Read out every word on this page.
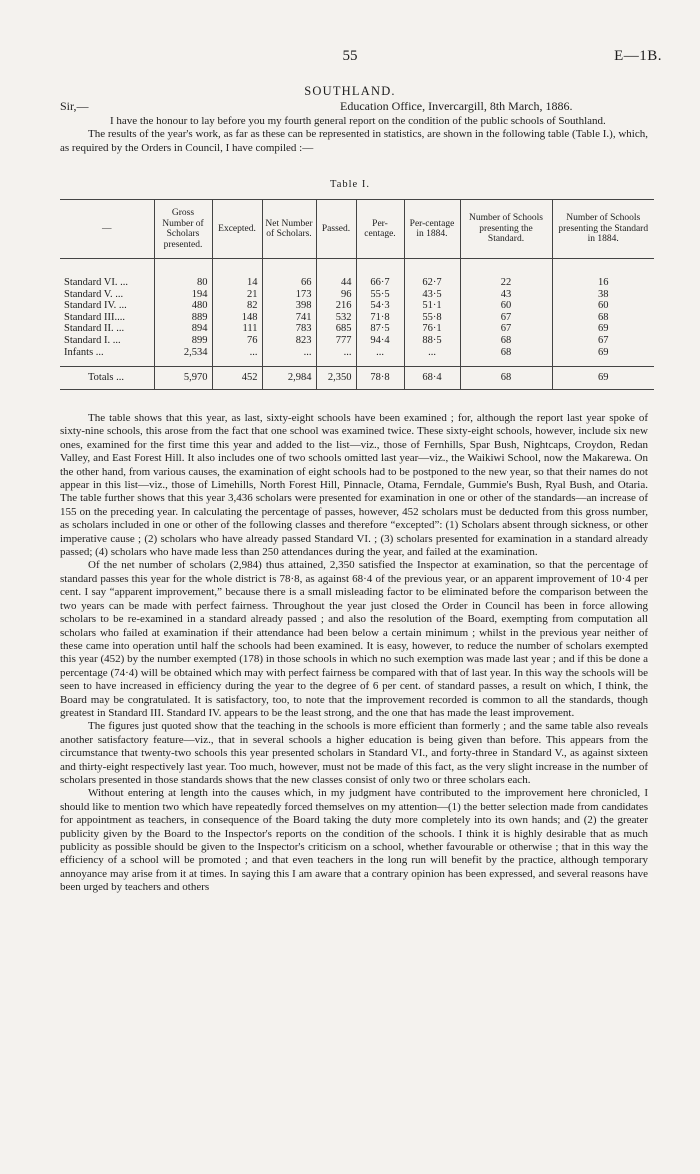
55	E—1B.
SOUTHLAND.
Sir,—	Education Office, Invercargill, 8th March, 1886.

I have the honour to lay before you my fourth general report on the condition of the public schools of Southland.

The results of the year's work, as far as these can be represented in statistics, are shown in the following table (Table I.), which, as required by the Orders in Council, I have compiled :—

Table I.
—	Gross Number of Scholars presented.	Excepted.	Net Number of Scholars.	Passed.	Per-centage.	Per-centage in 1884.	Number of Schools presenting the Standard.	Number of Schools presenting the Standard in 1884.

Standard VI. ...	80	14	66	44	66·7	62·7	22	16
Standard V. ...	194	21	173	96	55·5	43·5	43	38
Standard IV. ...	480	82	398	216	54·3	51·1	60	60
Standard III....	889	148	741	532	71·8	55·8	67	68
Standard II. ...	894	111	783	685	87·5	76·1	67	69
Standard I. ...	899	76	823	777	94·4	88·5	68	67
Infants ...	2,534	...	...	...	...	...	68	69

Totals ...	5,970	452	2,984	2,350	78·8	68·4	68	69

The table shows that this year, as last, sixty-eight schools have been examined ; for, although the report last year spoke of sixty-nine schools, this arose from the fact that one school was examined twice. These sixty-eight schools, however, include six new ones, examined for the first time this year and added to the list—viz., those of Fernhills, Spar Bush, Nightcaps, Croydon, Redan Valley, and East Forest Hill. It also includes one of two schools omitted last year—viz., the Waikiwi School, now the Makarewa. On the other hand, from various causes, the examination of eight schools had to be postponed to the new year, so that their names do not appear in this list—viz., those of Limehills, North Forest Hill, Pinnacle, Otama, Ferndale, Gummie's Bush, Ryal Bush, and Otaria. The table further shows that this year 3,436 scholars were presented for examination in one or other of the standards—an increase of 155 on the preceding year. In calculating the percentage of passes, however, 452 scholars must be deducted from this gross number, as scholars included in one or other of the following classes and therefore “excepted”: (1) Scholars absent through sickness, or other imperative cause ; (2) scholars who have already passed Standard VI. ; (3) scholars presented for examination in a standard already passed; (4) scholars who have made less than 250 attendances during the year, and failed at the examination.

Of the net number of scholars (2,984) thus attained, 2,350 satisfied the Inspector at examination, so that the percentage of standard passes this year for the whole district is 78·8, as against 68·4 of the previous year, or an apparent improvement of 10·4 per cent. I say “apparent improvement,” because there is a small misleading factor to be eliminated before the comparison between the two years can be made with perfect fairness. Throughout the year just closed the Order in Council has been in force allowing scholars to be re-examined in a standard already passed ; and also the resolution of the Board, exempting from computation all scholars who failed at examination if their attendance had been below a certain minimum ; whilst in the previous year neither of these came into operation until half the schools had been examined. It is easy, however, to reduce the number of scholars exempted this year (452) by the number exempted (178) in those schools in which no such exemption was made last year ; and if this be done a percentage (74·4) will be obtained which may with perfect fairness be compared with that of last year. In this way the schools will be seen to have increased in efficiency during the year to the degree of 6 per cent. of standard passes, a result on which, I think, the Board may be congratulated. It is satisfactory, too, to note that the improvement recorded is common to all the standards, though greatest in Standard III. Standard IV. appears to be the least strong, and the one that has made the least improvement.

The figures just quoted show that the teaching in the schools is more efficient than formerly ; and the same table also reveals another satisfactory feature—viz., that in several schools a higher education is being given than before. This appears from the circumstance that twenty-two schools this year presented scholars in Standard VI., and forty-three in Standard V., as against sixteen and thirty-eight respectively last year. Too much, however, must not be made of this fact, as the very slight increase in the number of scholars presented in those standards shows that the new classes consist of only two or three scholars each.

Without entering at length into the causes which, in my judgment have contributed to the improvement here chronicled, I should like to mention two which have repeatedly forced themselves on my attention—(1) the better selection made from candidates for appointment as teachers, in consequence of the Board taking the duty more completely into its own hands; and (2) the greater publicity given by the Board to the Inspector's reports on the condition of the schools. I think it is highly desirable that as much publicity as possible should be given to the Inspector's criticism on a school, whether favourable or otherwise ; that in this way the efficiency of a school will be promoted ; and that even teachers in the long run will benefit by the practice, although temporary annoyance may arise from it at times. In saying this I am aware that a contrary opinion has been expressed, and several reasons have been urged by teachers and others
